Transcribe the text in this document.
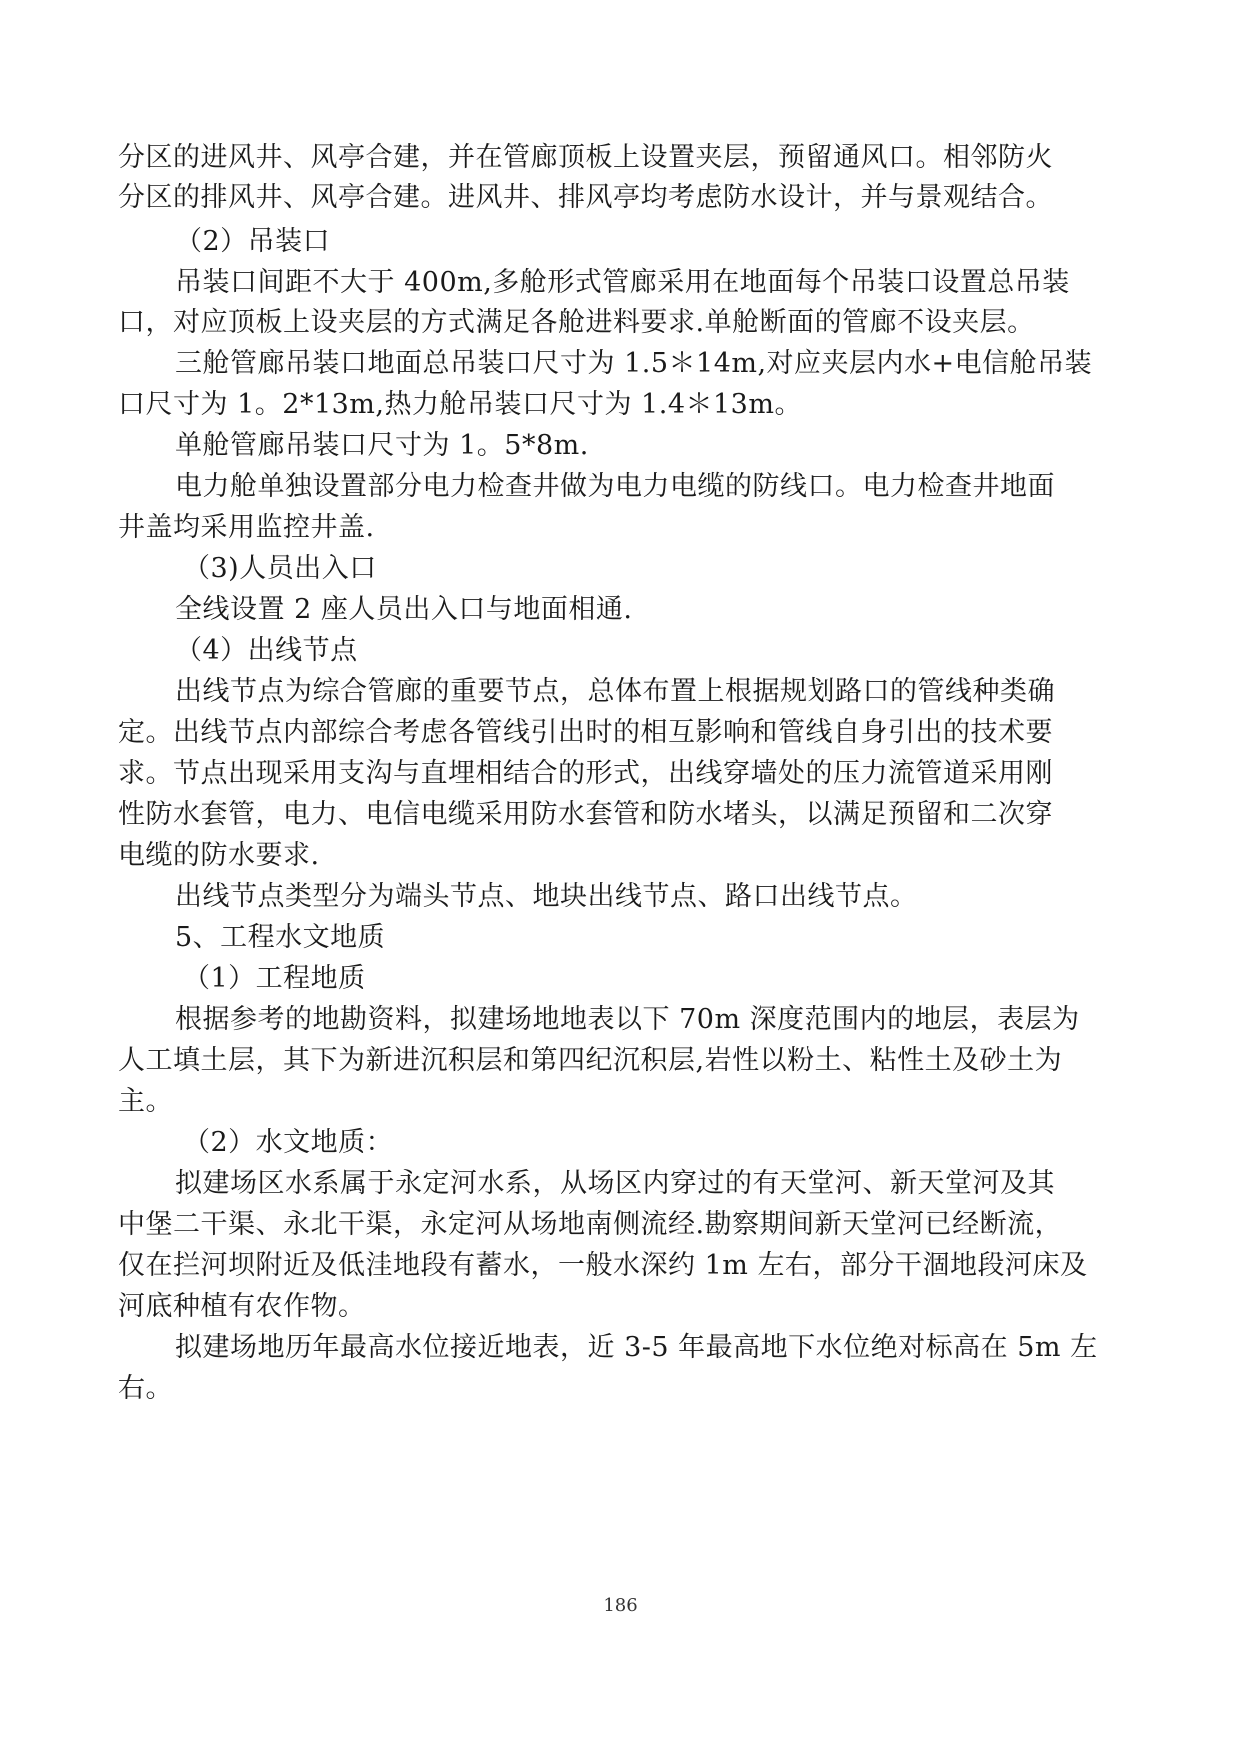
分区的进风井、风亭合建，并在管廊顶板上设置夹层，预留通风口。相邻防火
分区的排风井、风亭合建。进风井、排风亭均考虑防水设计，并与景观结合。
（2）吊装口
吊装口间距不大于 400m,多舱形式管廊采用在地面每个吊装口设置总吊装
口，对应顶板上设夹层的方式满足各舱进料要求.单舱断面的管廊不设夹层。
三舱管廊吊装口地面总吊装口尺寸为 1.5＊14m,对应夹层内水+电信舱吊装
口尺寸为 1。2*13m,热力舱吊装口尺寸为 1.4＊13m。
单舱管廊吊装口尺寸为 1。5*8m.
电力舱单独设置部分电力检查井做为电力电缆的防线口。电力检查井地面
井盖均采用监控井盖.
（3)人员出入口
全线设置 2 座人员出入口与地面相通.
（4）出线节点
出线节点为综合管廊的重要节点，总体布置上根据规划路口的管线种类确
定。出线节点内部综合考虑各管线引出时的相互影响和管线自身引出的技术要
求。节点出现采用支沟与直埋相结合的形式，出线穿墙处的压力流管道采用刚
性防水套管，电力、电信电缆采用防水套管和防水堵头，以满足预留和二次穿
电缆的防水要求.
出线节点类型分为端头节点、地块出线节点、路口出线节点。
5、工程水文地质
（1）工程地质
根据参考的地勘资料，拟建场地地表以下 70m 深度范围内的地层，表层为
人工填土层，其下为新进沉积层和第四纪沉积层,岩性以粉土、粘性土及砂土为
主。
（2）水文地质：
拟建场区水系属于永定河水系，从场区内穿过的有天堂河、新天堂河及其
中堡二干渠、永北干渠，永定河从场地南侧流经.勘察期间新天堂河已经断流，
仅在拦河坝附近及低洼地段有蓄水，一般水深约 1m 左右，部分干涸地段河床及
河底种植有农作物。
拟建场地历年最高水位接近地表，近 3-5 年最高地下水位绝对标高在 5m 左
右。
186
